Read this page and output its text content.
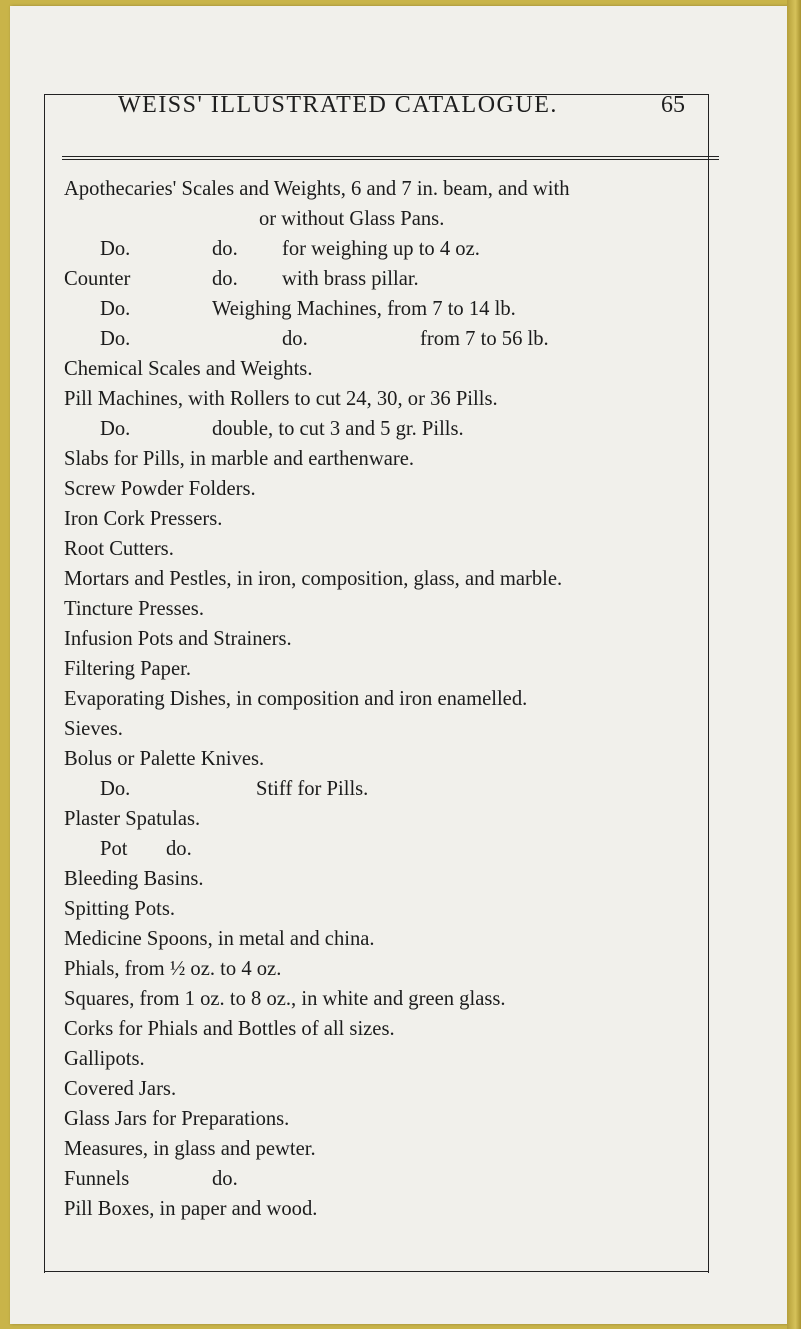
WEISS' ILLUSTRATED CATALOGUE.	65
Apothecaries' Scales and Weights, 6 and 7 in. beam, and with
or without Glass Pans.
Do.	do. for weighing up to 4 oz.
Counter	do. with brass pillar.
Do.	Weighing Machines, from 7 to 14 lb.
Do.	do.	from 7 to 56 lb.
Chemical Scales and Weights.
Pill Machines, with Rollers to cut 24, 30, or 36 Pills.
Do.	double, to cut 3 and 5 gr. Pills.
Slabs for Pills, in marble and earthenware.
Screw Powder Folders.
Iron Cork Pressers.
Root Cutters.
Mortars and Pestles, in iron, composition, glass, and marble.
Tincture Presses.
Infusion Pots and Strainers.
Filtering Paper.
Evaporating Dishes, in composition and iron enamelled.
Sieves.
Bolus or Palette Knives.
Do.	Stiff for Pills.
Plaster Spatulas.
Pot do.
Bleeding Basins.
Spitting Pots.
Medicine Spoons, in metal and china.
Phials, from ½ oz. to 4 oz.
Squares, from 1 oz. to 8 oz., in white and green glass.
Corks for Phials and Bottles of all sizes.
Gallipots.
Covered Jars.
Glass Jars for Preparations.
Measures, in glass and pewter.
Funnels	do.
Pill Boxes, in paper and wood.
